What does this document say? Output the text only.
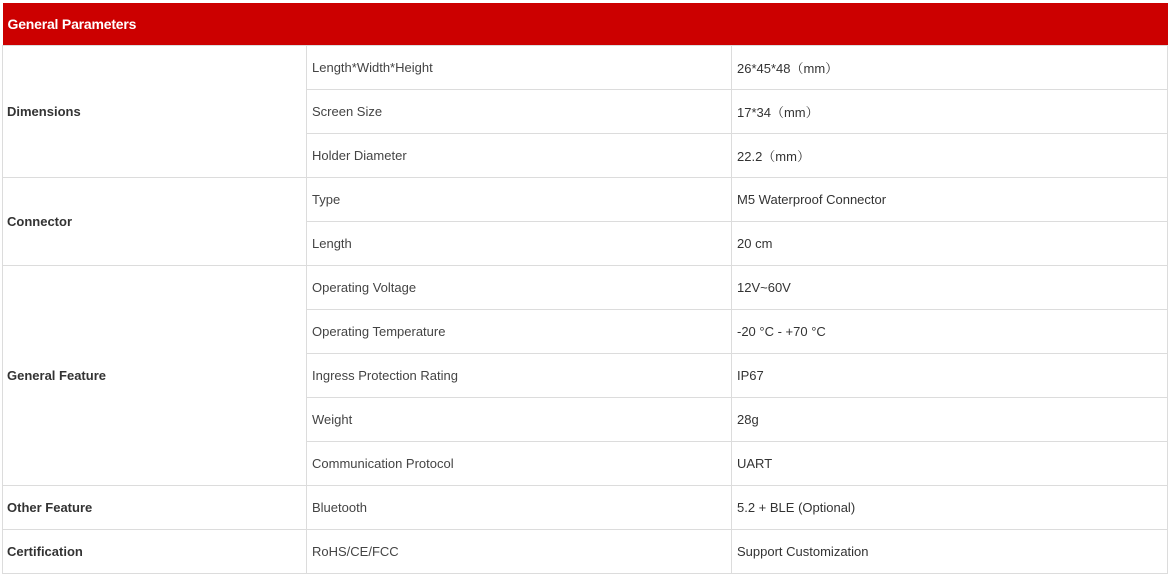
General Parameters		
Dimensions	Length*Width*Height	26*45*48（mm）
	Screen Size	17*34（mm）
	Holder Diameter	22.2（mm）
Connector	Type	M5 Waterproof Connector
	Length	20 cm
General Feature	Operating Voltage	12V~60V
	Operating Temperature	-20 °C - +70 °C
	Ingress Protection Rating	IP67
	Weight	28g
	Communication Protocol	UART
Other Feature	Bluetooth	5.2 + BLE (Optional)
Certification	RoHS/CE/FCC	Support Customization
